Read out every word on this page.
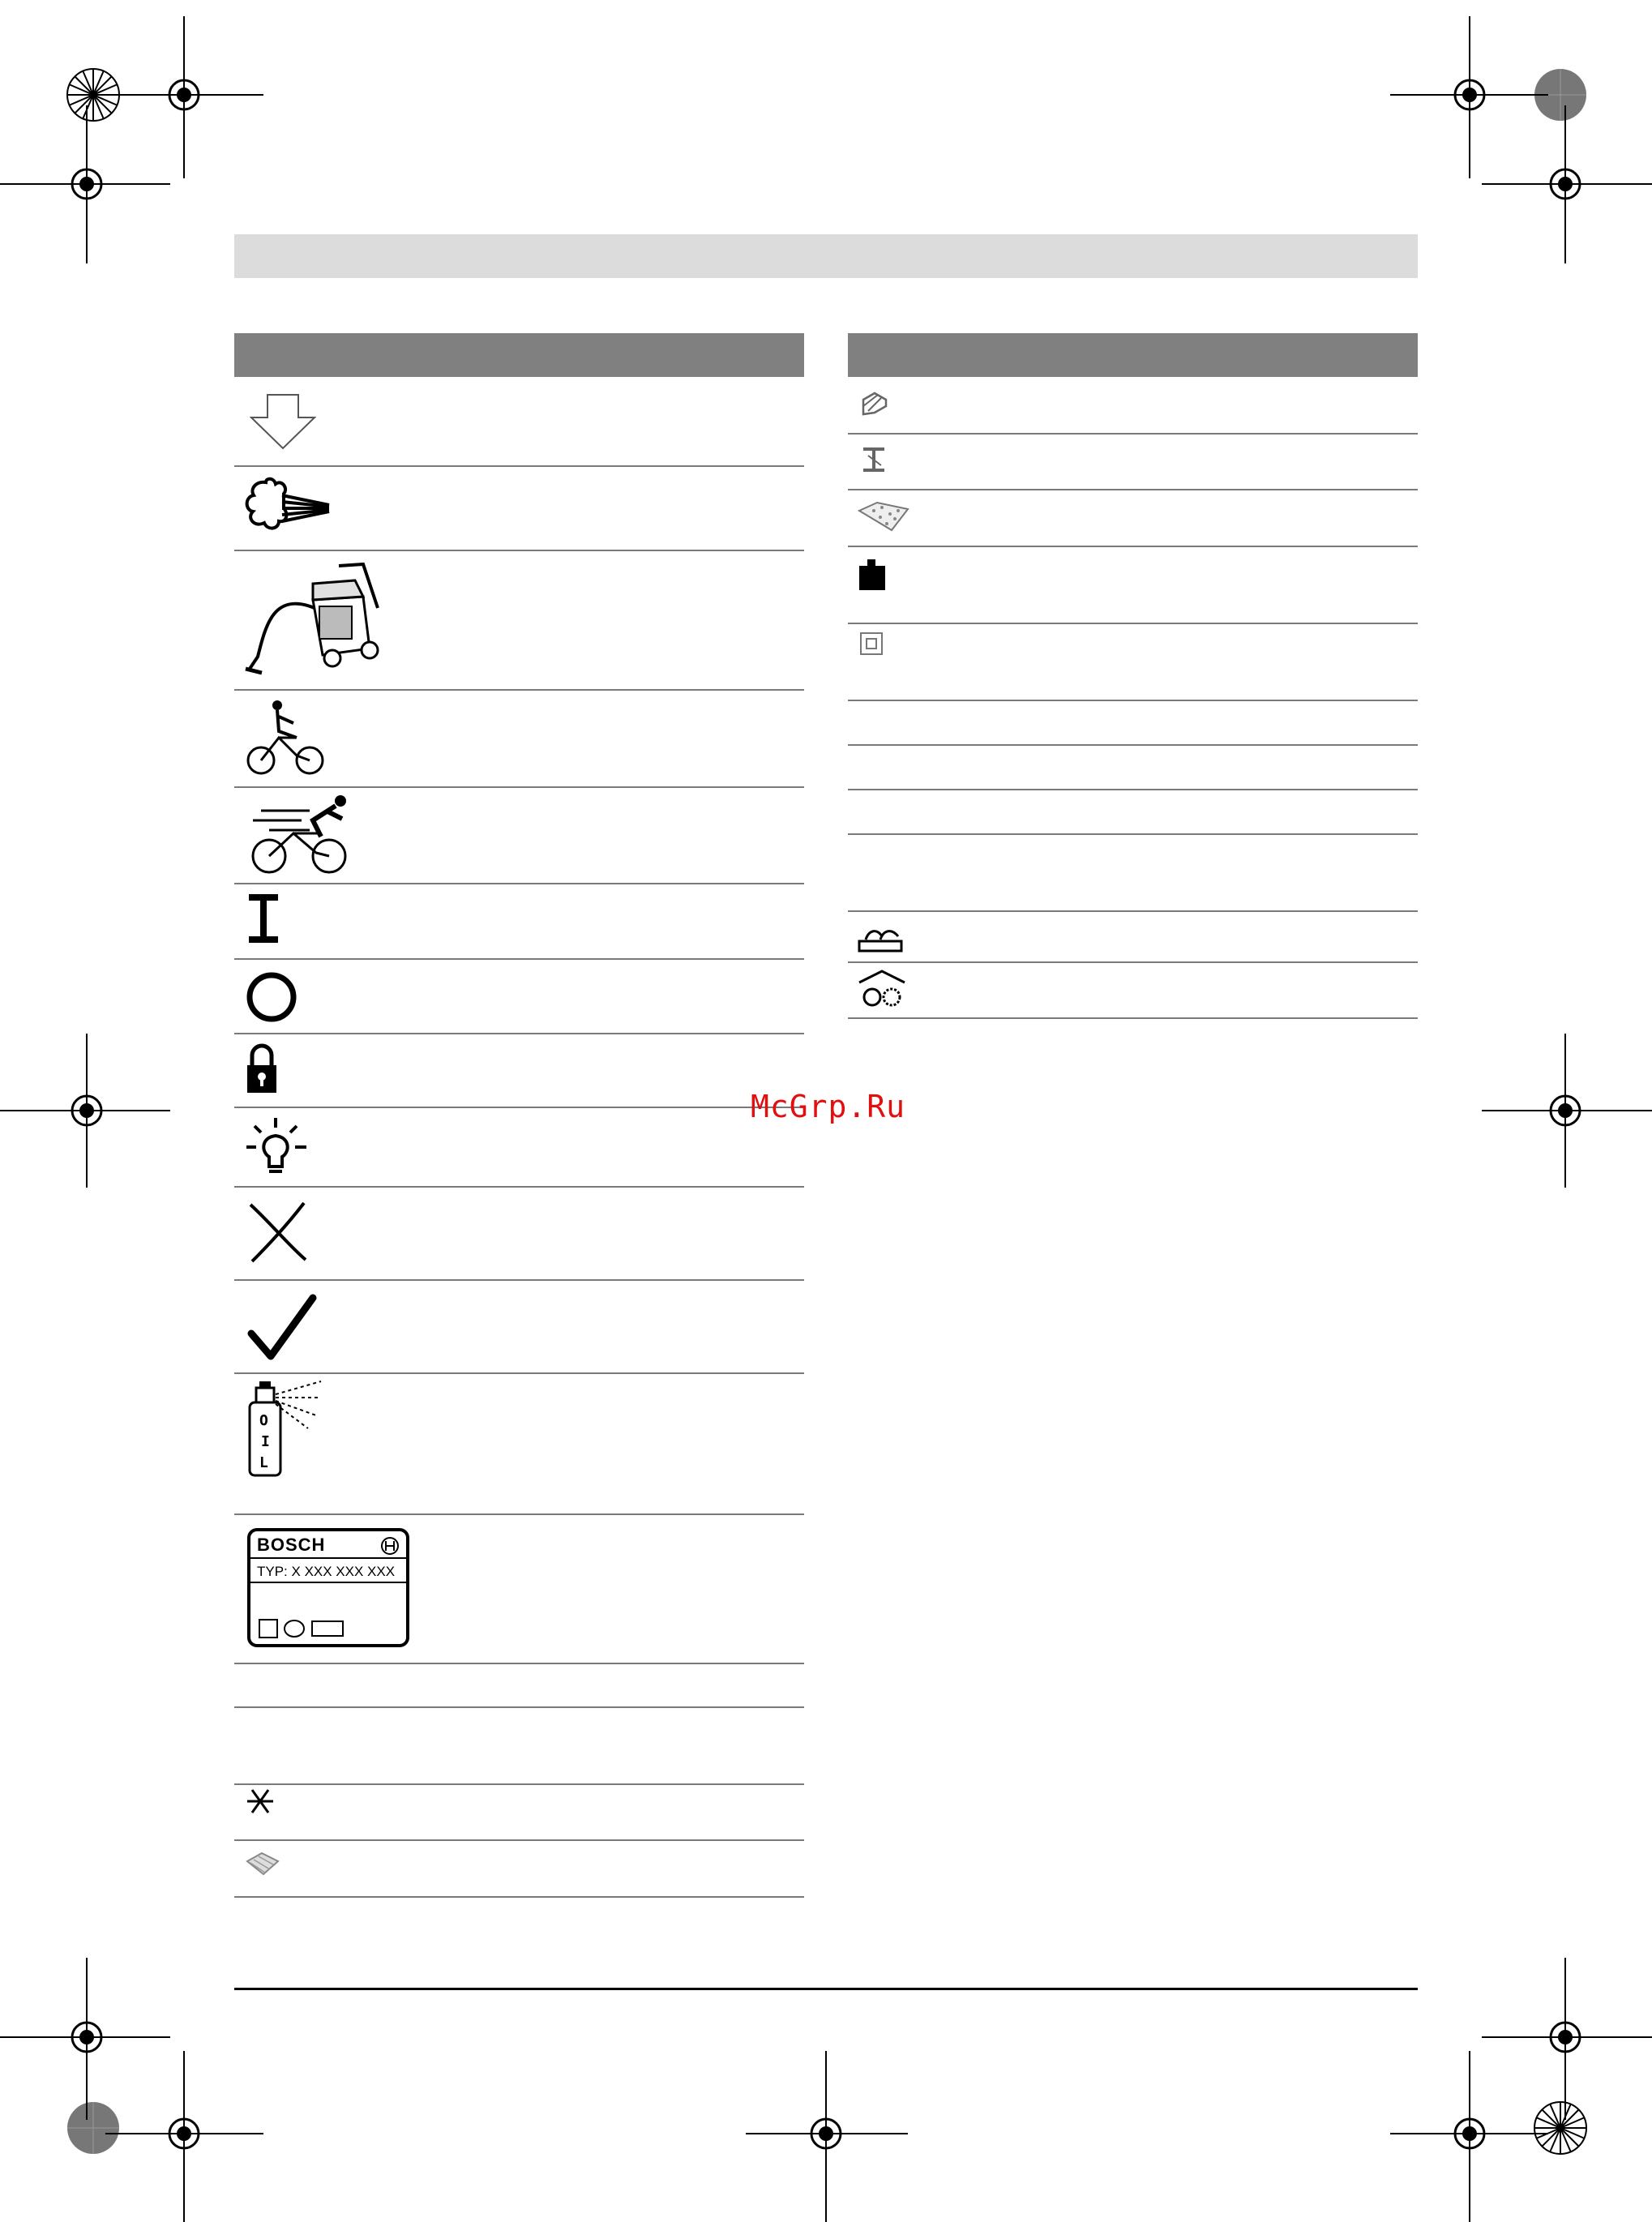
O
I
L
BOSCH
TYP: X XXX XXX XXX
McGrp.Ru
